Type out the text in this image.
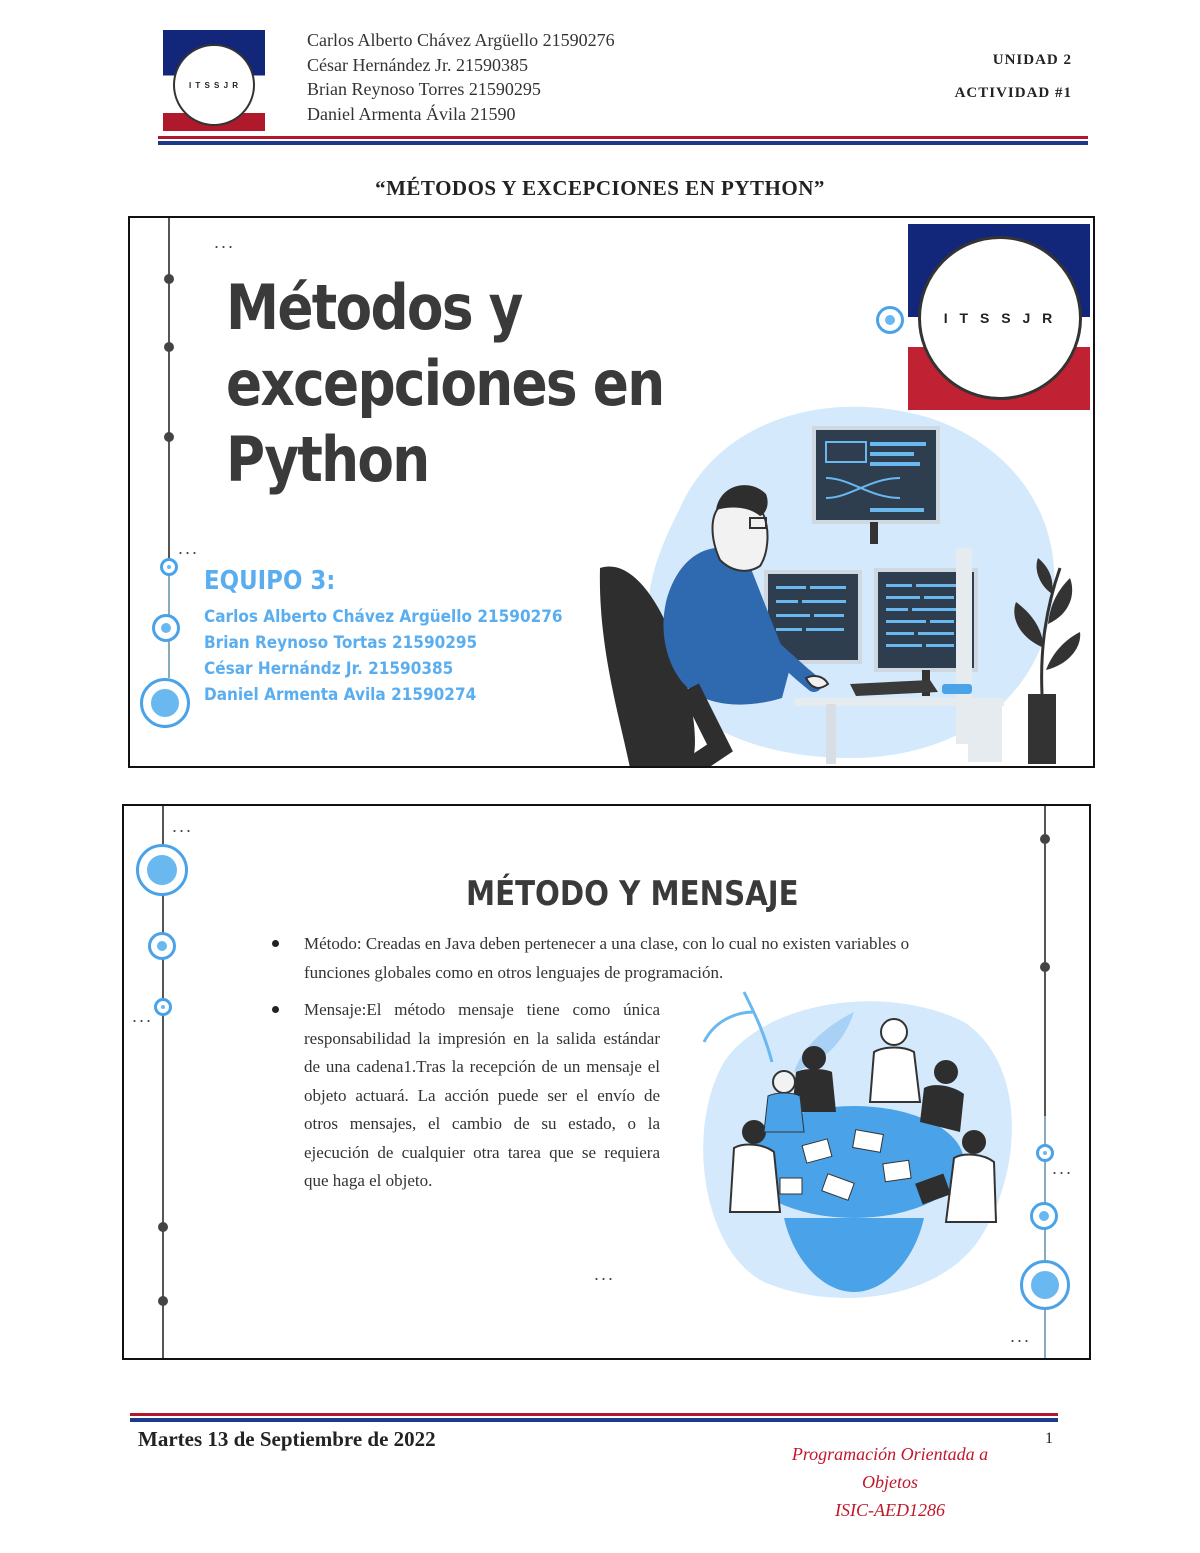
I T S S J R
Carlos Alberto Chávez Argüello 21590276
César Hernández Jr. 21590385
Brian Reynoso Torres 21590295
Daniel Armenta Ávila 21590
UNIDAD 2
ACTIVIDAD #1
“MÉTODOS Y EXCEPCIONES EN PYTHON”
...
...
Métodos y
excepciones en
Python
EQUIPO 3:
Carlos Alberto Chávez Argüello 21590276
Brian Reynoso Tortas 21590295
César Hernándz Jr. 21590385
Daniel Armenta Avila 21590274
I T S S J R
...
...
...
...
...
MÉTODO Y MENSAJE
Método: Creadas en Java deben pertenecer a una clase, con lo cual no existen variables o funciones globales como en otros lenguajes de programación.
Mensaje:El método mensaje tiene como única responsabilidad la impresión en la salida estándar de una cadena1.Tras la recepción de un mensaje el objeto actuará. La acción puede ser el envío de otros mensajes, el cambio de su estado, o la ejecución de cualquier otra tarea que se requiera que haga el objeto.
Martes 13 de Septiembre de 2022
Programación Orientada a
Objetos
ISIC-AED1286
1
